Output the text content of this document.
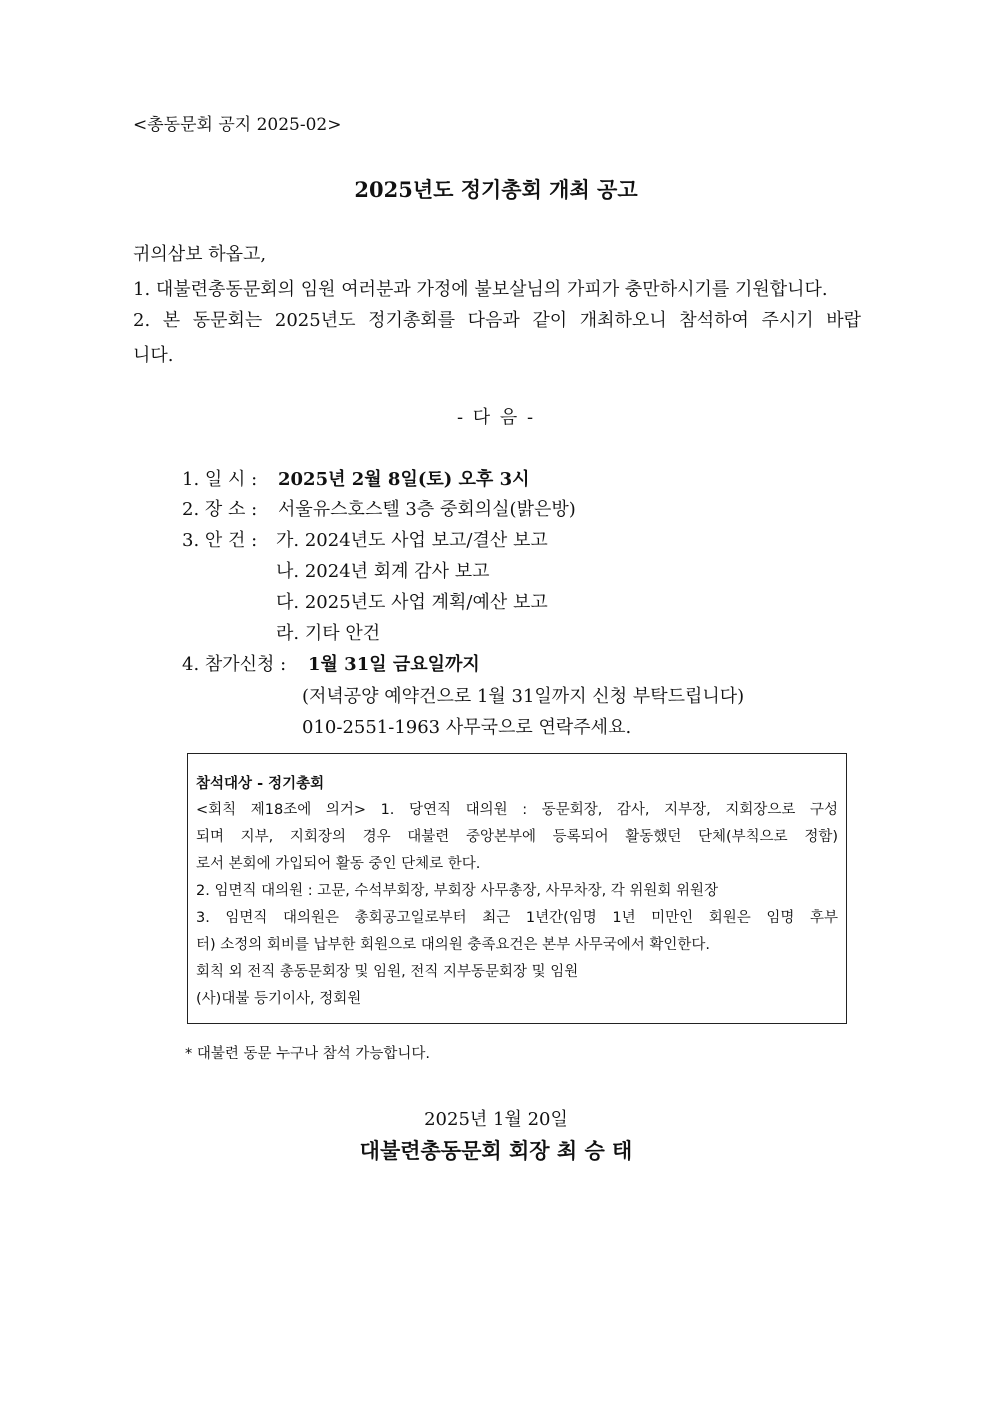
<총동문회 공지 2025-02>
2025년도 정기총회 개최 공고
귀의삼보 하옵고,
1. 대불련총동문회의 임원 여러분과 가정에 불보살님의 가피가 충만하시기를 기원합니다.
2. 본 동문회는 2025년도 정기총회를 다음과 같이 개최하오니 참석하여 주시기 바랍
니다.
- 다 음 -
1. 일 시 : 2025년 2월 8일(토) 오후 3시
2. 장 소 : 서울유스호스텔 3층 중회의실(밝은방)
3. 안 건 : 가. 2024년도 사업 보고/결산 보고
나. 2024년 회계 감사 보고
다. 2025년도 사업 계획/예산 보고
라. 기타 안건
4. 참가신청 : 1월 31일 금요일까지
(저녁공양 예약건으로 1월 31일까지 신청 부탁드립니다)
010-2551-1963 사무국으로 연락주세요.
참석대상 - 정기총회
<회칙 제18조에 의거> 1. 당연직 대의원 : 동문회장, 감사, 지부장, 지회장으로 구성
되며 지부, 지회장의 경우 대불련 중앙본부에 등록되어 활동했던 단체(부칙으로 정함)
로서 본회에 가입되어 활동 중인 단체로 한다.
2. 임면직 대의원 : 고문, 수석부회장, 부회장 사무총장, 사무차장, 각 위원회 위원장
3. 임면직 대의원은 총회공고일로부터 최근 1년간(임명 1년 미만인 회원은 임명 후부
터) 소정의 회비를 납부한 회원으로 대의원 충족요건은 본부 사무국에서 확인한다.
회칙 외 전직 총동문회장 및 임원, 전직 지부동문회장 및 임원
(사)대불 등기이사, 정회원
* 대불련 동문 누구나 참석 가능합니다.
2025년 1월 20일
대불련총동문회 회장 최 승 태
